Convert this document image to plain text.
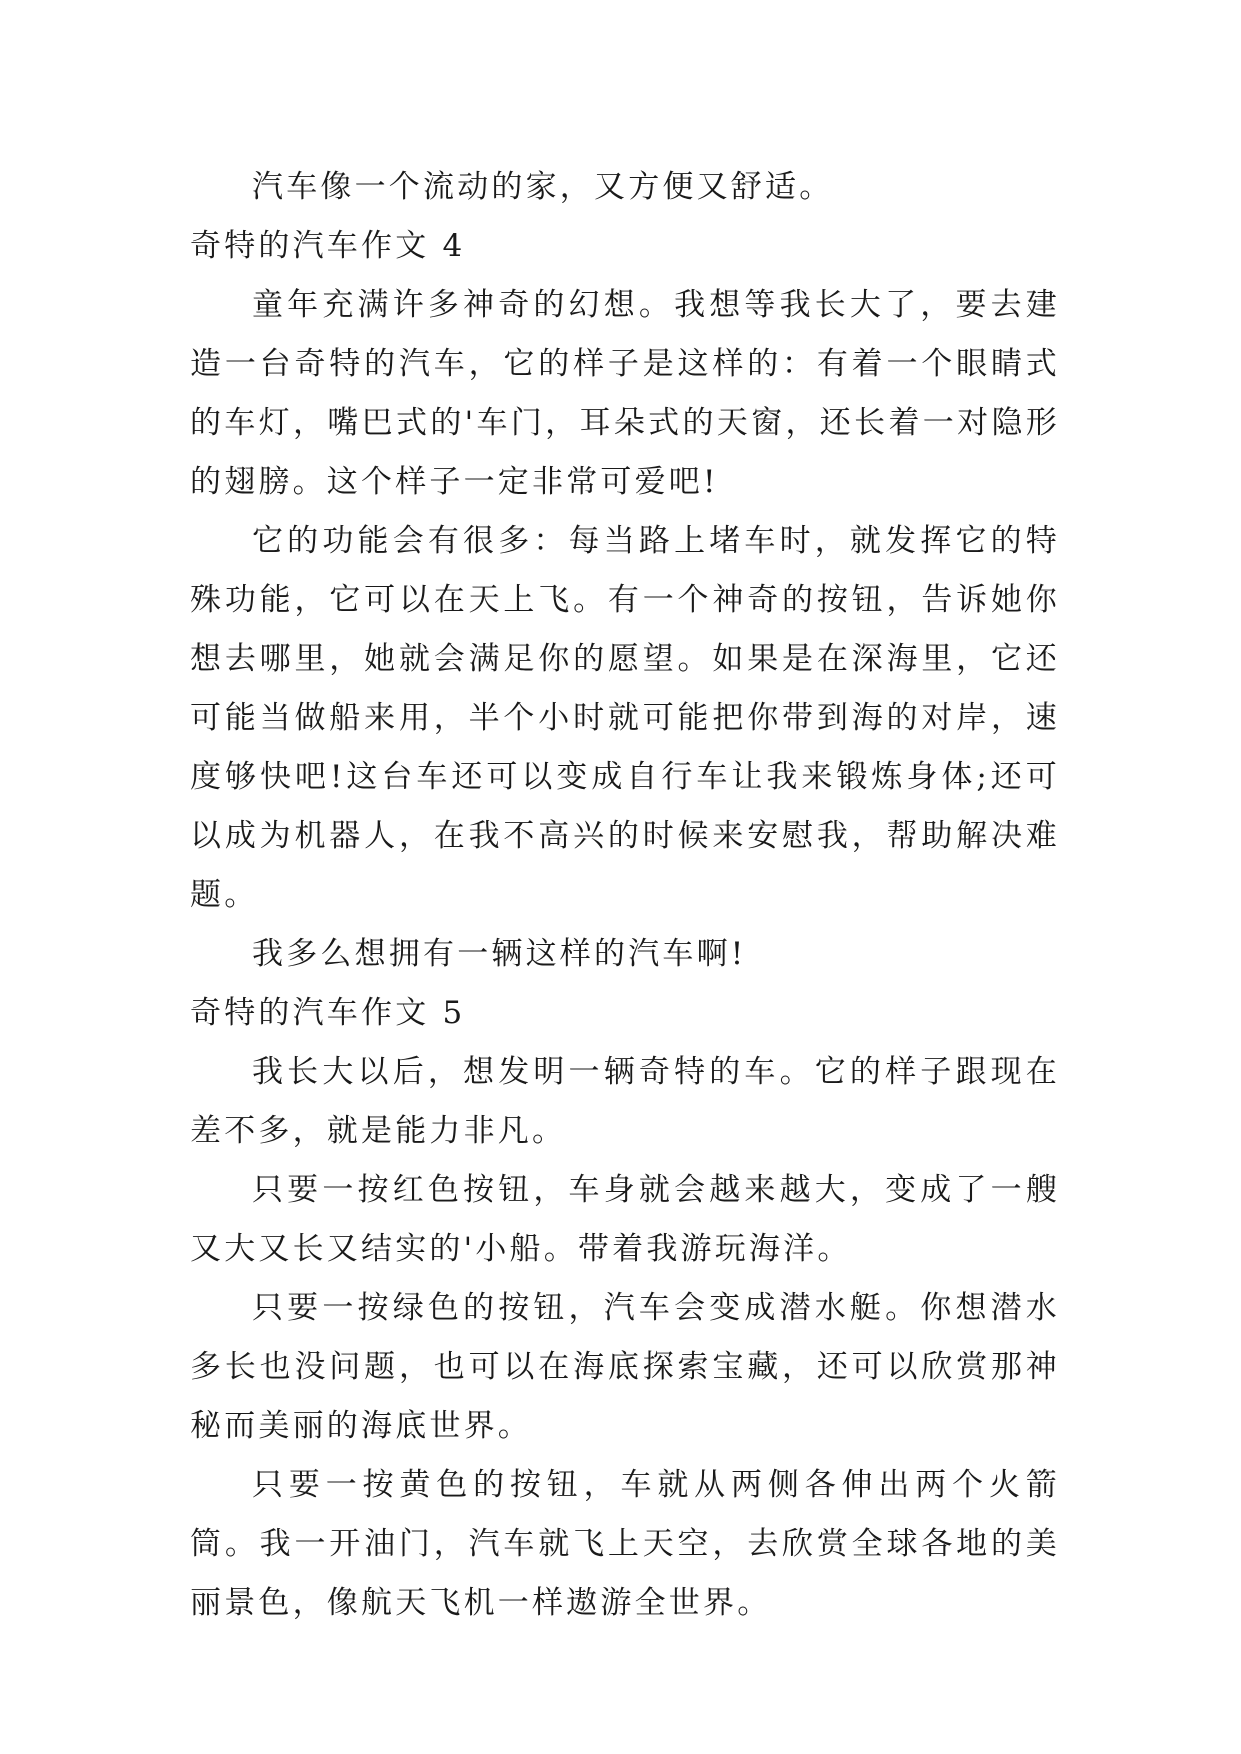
汽车像一个流动的家，又方便又舒适。

奇特的汽车作文 4

童年充满许多神奇的幻想。我想等我长大了，要去建造一台奇特的汽车，它的样子是这样的：有着一个眼睛式的车灯，嘴巴式的'车门，耳朵式的天窗，还长着一对隐形的翅膀。这个样子一定非常可爱吧!

它的功能会有很多：每当路上堵车时，就发挥它的特殊功能，它可以在天上飞。有一个神奇的按钮，告诉她你想去哪里，她就会满足你的愿望。如果是在深海里，它还可能当做船来用，半个小时就可能把你带到海的对岸，速度够快吧!这台车还可以变成自行车让我来锻炼身体;还可以成为机器人，在我不高兴的时候来安慰我，帮助解决难题。

我多么想拥有一辆这样的汽车啊!

奇特的汽车作文 5

我长大以后，想发明一辆奇特的车。它的样子跟现在差不多，就是能力非凡。

只要一按红色按钮，车身就会越来越大，变成了一艘又大又长又结实的'小船。带着我游玩海洋。

只要一按绿色的按钮，汽车会变成潜水艇。你想潜水多长也没问题，也可以在海底探索宝藏，还可以欣赏那神秘而美丽的海底世界。

只要一按黄色的按钮，车就从两侧各伸出两个火箭筒。我一开油门，汽车就飞上天空，去欣赏全球各地的美丽景色，像航天飞机一样遨游全世界。
